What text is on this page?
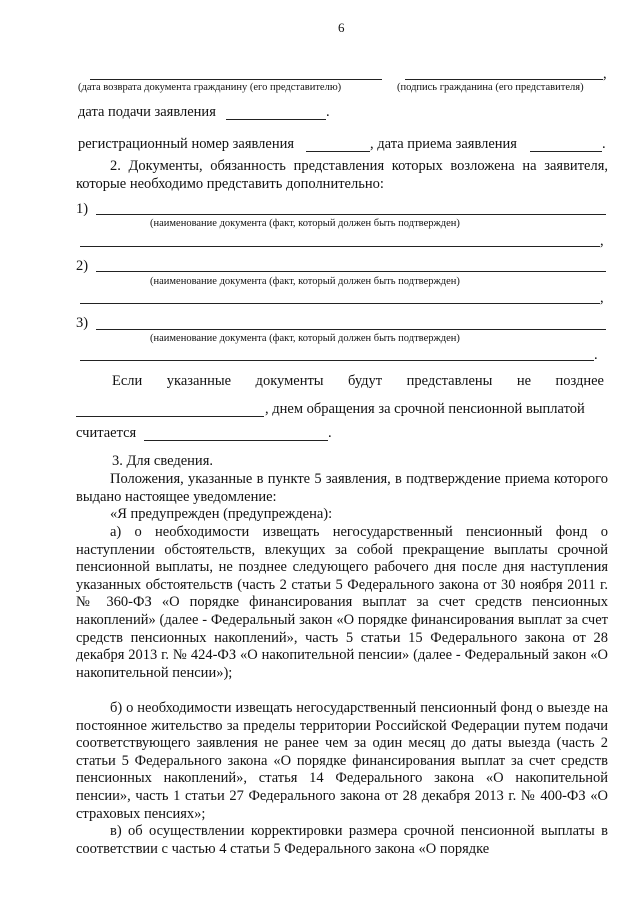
6
,
(дата возврата документа гражданину (его представителю)	(подпись гражданина (его представителя)
дата подачи заявления	.
регистрационный номер заявления	, дата приема заявления	.
2. Документы, обязанность представления которых возложена на заявителя, которые необходимо представить дополнительно:
1)
(наименование документа (факт, который должен быть подтвержден)
,
2)
(наименование документа (факт, который должен быть подтвержден)
,
3)
(наименование документа (факт, который должен быть подтвержден)
.
Если указанные документы будут представлены не позднее
, днем обращения за срочной пенсионной выплатой
считается	.
3. Для сведения.
Положения, указанные в пункте 5 заявления, в подтверждение приема которого выдано настоящее уведомление:
«Я предупрежден (предупреждена):
а) о необходимости извещать негосударственный пенсионный фонд о наступлении обстоятельств, влекущих за собой прекращение выплаты срочной пенсионной выплаты, не позднее следующего рабочего дня после дня наступления указанных обстоятельств (часть 2 статьи 5 Федерального закона от 30 ноября 2011 г. № 360-ФЗ «О порядке финансирования выплат за счет средств пенсионных накоплений» (далее - Федеральный закон «О порядке финансирования выплат за счет средств пенсионных накоплений», часть 5 статьи 15 Федерального закона от 28 декабря 2013 г. № 424-ФЗ «О накопительной пенсии» (далее - Федеральный закон «О накопительной пенсии»);
б) о необходимости извещать негосударственный пенсионный фонд о выезде на постоянное жительство за пределы территории Российской Федерации путем подачи соответствующего заявления не ранее чем за один месяц до даты выезда (часть 2 статьи 5 Федерального закона «О порядке финансирования выплат за счет средств пенсионных накоплений», статья 14 Федерального закона «О накопительной пенсии», часть 1 статьи 27 Федерального закона от 28 декабря 2013 г. № 400-ФЗ «О страховых пенсиях»;
в) об осуществлении корректировки размера срочной пенсионной выплаты в соответствии с частью 4 статьи 5 Федерального закона «О порядке
